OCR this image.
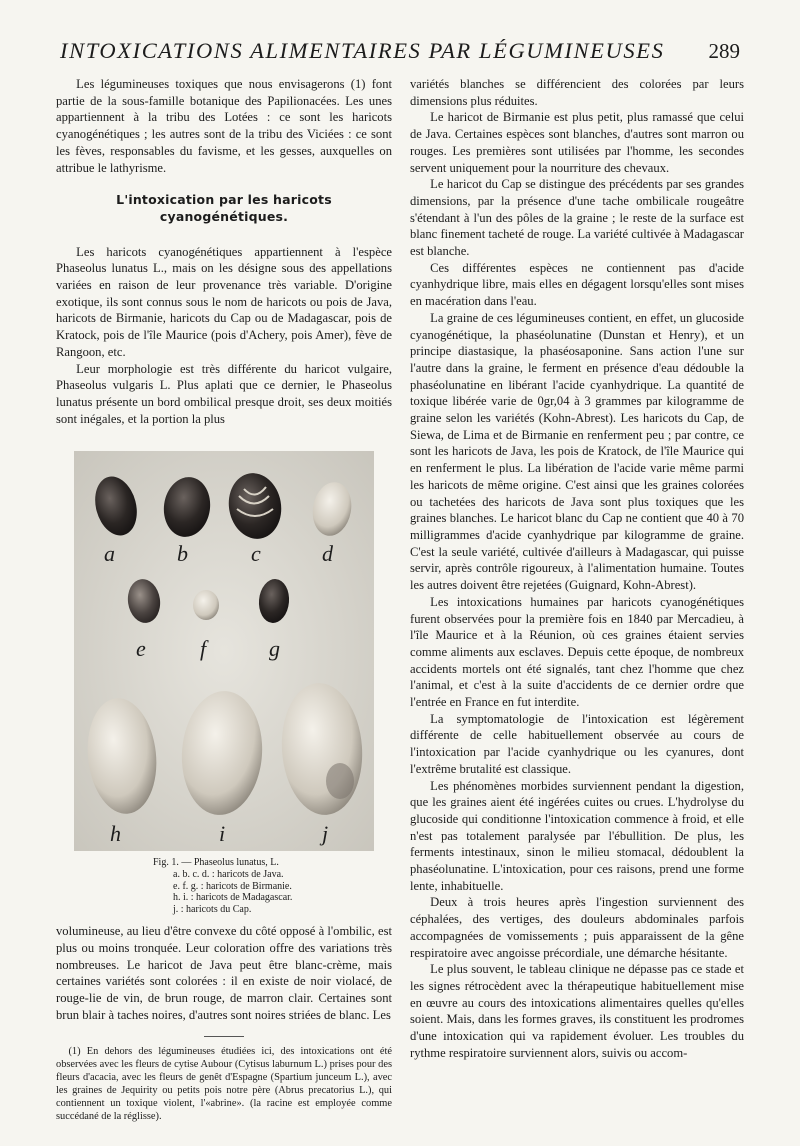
INTOXICATIONS ALIMENTAIRES PAR LÉGUMINEUSES 289

Les légumineuses toxiques que nous envisagerons (1) font partie de la sous-famille botanique des Papilionacées. Les unes appartiennent à la tribu des Lotées : ce sont les haricots cyanogénétiques ; les autres sont de la tribu des Viciées : ce sont les fèves, responsables du favisme, et les gesses, auxquelles on attribue le lathyrisme.

L'intoxication par les haricots cyanogénétiques.

Les haricots cyanogénétiques appartiennent à l'espèce Phaseolus lunatus L., mais on les désigne sous des appellations variées en raison de leur provenance très variable. D'origine exotique, ils sont connus sous le nom de haricots ou pois de Java, haricots de Birmanie, haricots du Cap ou de Madagascar, pois de Kratock, pois de l'île Maurice (pois d'Achery, pois Amer), fève de Rangoon, etc.

Leur morphologie est très différente du haricot vulgaire, Phaseolus vulgaris L. Plus aplati que ce dernier, le Phaseolus lunatus présente un bord ombilical presque droit, ses deux moitiés sont inégales, et la portion la plus

a	b	c	d
e f	g
h	i	j
Fig. 1. — Phaseolus lunatus, L.
a. b. c. d. : haricots de Java.
e. f. g. : haricots de Birmanie.
h. i. : haricots de Madagascar.
j. : haricots du Cap.

volumineuse, au lieu d'être convexe du côté opposé à l'ombilic, est plus ou moins tronquée. Leur coloration offre des variations très nombreuses. Le haricot de Java peut être blanc-crème, mais certaines variétés sont colorées : il en existe de noir violacé, de rouge-lie de vin, de brun rouge, de marron clair. Certaines sont brun blair à taches noires, d'autres sont noires striées de blanc. Les

(1) En dehors des légumineuses étudiées ici, des intoxications ont été observées avec les fleurs de cytise Aubour (Cytisus laburnum L.) prises pour des fleurs d'acacia, avec les fleurs de genêt d'Espagne (Spartium junceum L.), avec les graines de Jequirity ou petits pois notre père (Abrus precatorius L.), qui contiennent un toxique violent, l'«abrine». (la racine est employée comme succédané de la réglisse).

variétés blanches se différencient des colorées par leurs dimensions plus réduites.

Le haricot de Birmanie est plus petit, plus ramassé que celui de Java. Certaines espèces sont blanches, d'autres sont marron ou rouges. Les premières sont utilisées par l'homme, les secondes servent uniquement pour la nourriture des chevaux.

Le haricot du Cap se distingue des précédents par ses grandes dimensions, par la présence d'une tache ombilicale rougeâtre s'étendant à l'un des pôles de la graine ; le reste de la surface est blanc finement tacheté de rouge. La variété cultivée à Madagascar est blanche.

Ces différentes espèces ne contiennent pas d'acide cyanhydrique libre, mais elles en dégagent lorsqu'elles sont mises en macération dans l'eau.

La graine de ces légumineuses contient, en effet, un glucoside cyanogénétique, la phaséolunatine (Dunstan et Henry), et un principe diastasique, la phaséosaponine. Sans action l'une sur l'autre dans la graine, le ferment en présence d'eau dédouble la phaséolunatine en libérant l'acide cyanhydrique. La quantité de toxique libérée varie de 0gr,04 à 3 grammes par kilogramme de graine selon les variétés (Kohn-Abrest). Les haricots du Cap, de Siewa, de Lima et de Birmanie en renferment peu ; par contre, ce sont les haricots de Java, les pois de Kratock, de l'île Maurice qui en renferment le plus. La libération de l'acide varie même parmi les haricots de même origine. C'est ainsi que les graines colorées ou tachetées des haricots de Java sont plus toxiques que les graines blanches. Le haricot blanc du Cap ne contient que 40 à 70 milligrammes d'acide cyanhydrique par kilogramme de graine. C'est la seule variété, cultivée d'ailleurs à Madagascar, qui puisse servir, après contrôle rigoureux, à l'alimentation humaine. Toutes les autres doivent être rejetées (Guignard, Kohn-Abrest).

Les intoxications humaines par haricots cyanogénétiques furent observées pour la première fois en 1840 par Mercadieu, à l'île Maurice et à la Réunion, où ces graines étaient servies comme aliments aux esclaves. Depuis cette époque, de nombreux accidents mortels ont été signalés, tant chez l'homme que chez l'animal, et c'est à la suite d'accidents de ce dernier ordre que l'entrée en France en fut interdite.

La symptomatologie de l'intoxication est légèrement différente de celle habituellement observée au cours de l'intoxication par l'acide cyanhydrique ou les cyanures, dont l'extrême brutalité est classique.

Les phénomènes morbides surviennent pendant la digestion, que les graines aient été ingérées cuites ou crues. L'hydrolyse du glucoside qui conditionne l'intoxication commence à froid, et elle n'est pas totalement paralysée par l'ébullition. De plus, les ferments intestinaux, sinon le milieu stomacal, dédoublent la phaséolunatine. L'intoxication, pour ces raisons, prend une forme lente, inhabituelle.

Deux à trois heures après l'ingestion surviennent des céphalées, des vertiges, des douleurs abdominales parfois accompagnées de vomissements ; puis apparaissent de la gêne respiratoire avec angoisse précordiale, une démarche hésitante.

Le plus souvent, le tableau clinique ne dépasse pas ce stade et les signes rétrocèdent avec la thérapeutique habituellement mise en œuvre au cours des intoxications alimentaires quelles qu'elles soient. Mais, dans les formes graves, ils constituent les prodromes d'une intoxication qui va rapidement évoluer. Les troubles du rythme respiratoire surviennent alors, suivis ou accom-
